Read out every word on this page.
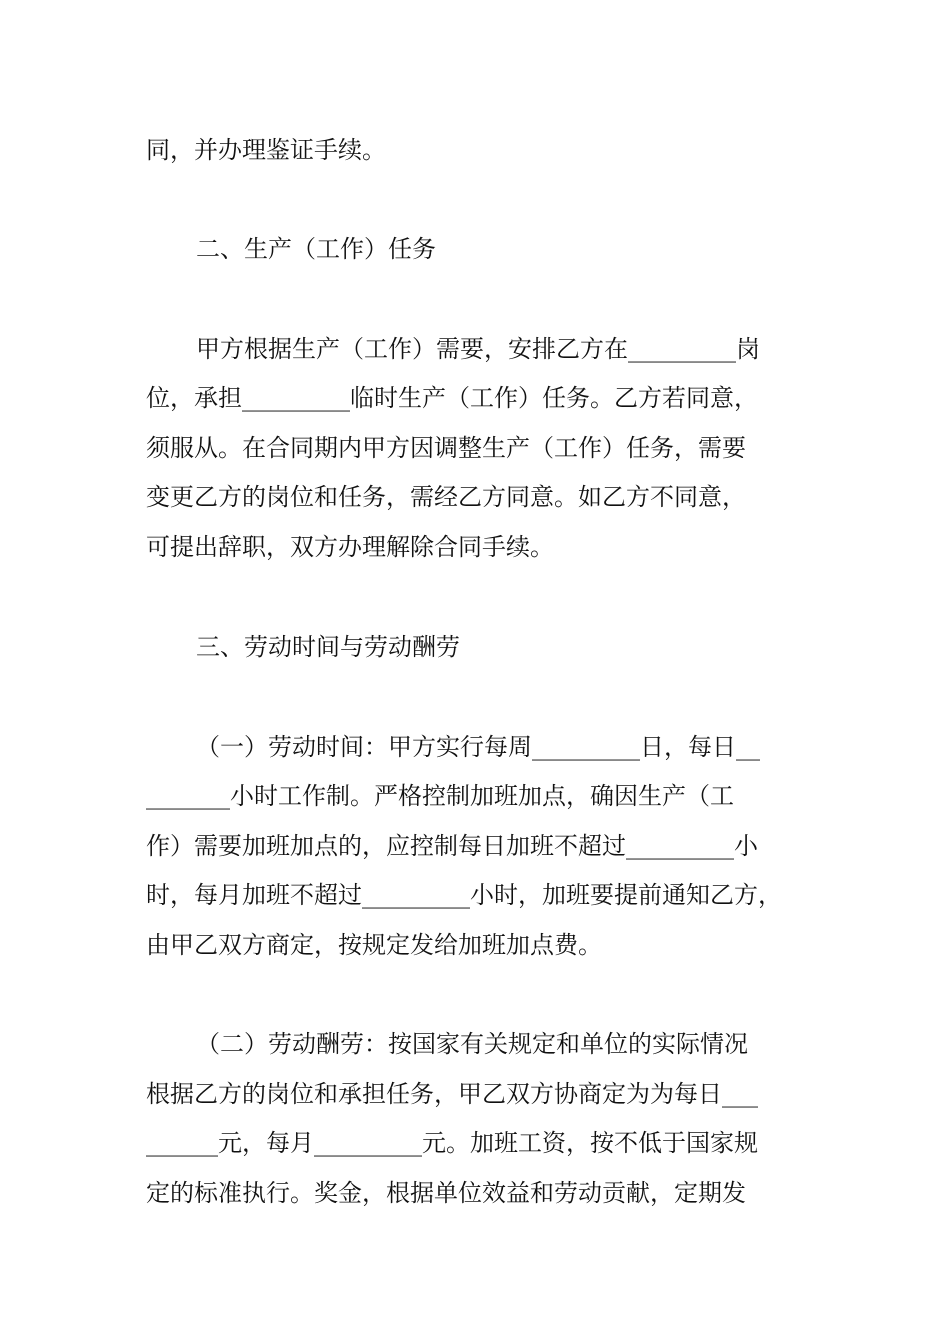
同，并办理鉴证手续。
二、生产（工作）任务
甲方根据生产（工作）需要，安排乙方在_________岗
位，承担_________临时生产（工作）任务。乙方若同意，
须服从。在合同期内甲方因调整生产（工作）任务，需要
变更乙方的岗位和任务，需经乙方同意。如乙方不同意，
可提出辞职，双方办理解除合同手续。
三、劳动时间与劳动酬劳
（一）劳动时间：甲方实行每周_________日，每日__
_______小时工作制。严格控制加班加点，确因生产（工
作）需要加班加点的，应控制每日加班不超过_________小
时，每月加班不超过_________小时，加班要提前通知乙方，
由甲乙双方商定，按规定发给加班加点费。
（二）劳动酬劳：按国家有关规定和单位的实际情况
根据乙方的岗位和承担任务，甲乙双方协商定为为每日___
______元，每月_________元。加班工资，按不低于国家规
定的标准执行。奖金，根据单位效益和劳动贡献，定期发
